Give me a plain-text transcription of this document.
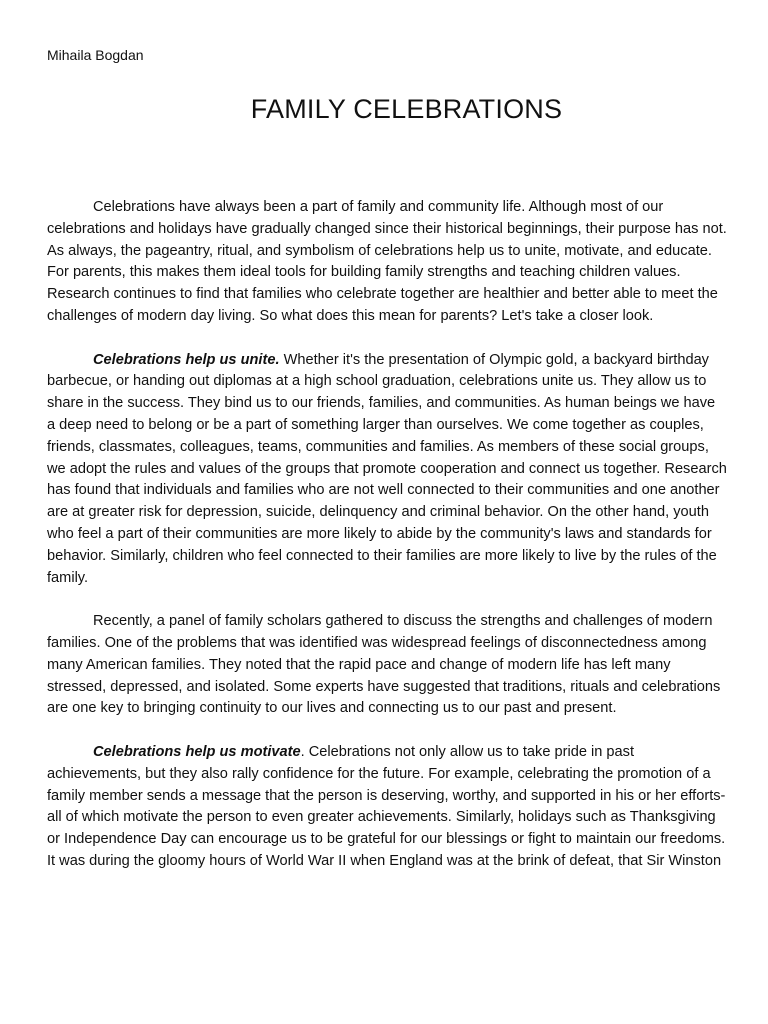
Mihaila Bogdan
FAMILY CELEBRATIONS

Celebrations have always been a part of family and community life. Although most of our celebrations and holidays have gradually changed since their historical beginnings, their purpose has not. As always, the pageantry, ritual, and symbolism of celebrations help us to unite, motivate, and educate. For parents, this makes them ideal tools for building family strengths and teaching children values. Research continues to find that families who celebrate together are healthier and better able to meet the challenges of modern day living. So what does this mean for parents? Let's take a closer look.

Celebrations help us unite. Whether it's the presentation of Olympic gold, a backyard birthday barbecue, or handing out diplomas at a high school graduation, celebrations unite us. They allow us to share in the success. They bind us to our friends, families, and communities. As human beings we have a deep need to belong or be a part of something larger than ourselves. We come together as couples, friends, classmates, colleagues, teams, communities and families. As members of these social groups, we adopt the rules and values of the groups that promote cooperation and connect us together. Research has found that individuals and families who are not well connected to their communities and one another are at greater risk for depression, suicide, delinquency and criminal behavior. On the other hand, youth who feel a part of their communities are more likely to abide by the community's laws and standards for behavior. Similarly, children who feel connected to their families are more likely to live by the rules of the family.

Recently, a panel of family scholars gathered to discuss the strengths and challenges of modern families. One of the problems that was identified was widespread feelings of disconnectedness among many American families. They noted that the rapid pace and change of modern life has left many stressed, depressed, and isolated. Some experts have suggested that traditions, rituals and celebrations are one key to bringing continuity to our lives and connecting us to our past and present.

Celebrations help us motivate. Celebrations not only allow us to take pride in past achievements, but they also rally confidence for the future. For example, celebrating the promotion of a family member sends a message that the person is deserving, worthy, and supported in his or her efforts-all of which motivate the person to even greater achievements. Similarly, holidays such as Thanksgiving or Independence Day can encourage us to be grateful for our blessings or fight to maintain our freedoms. It was during the gloomy hours of World War II when England was at the brink of defeat, that Sir Winston
